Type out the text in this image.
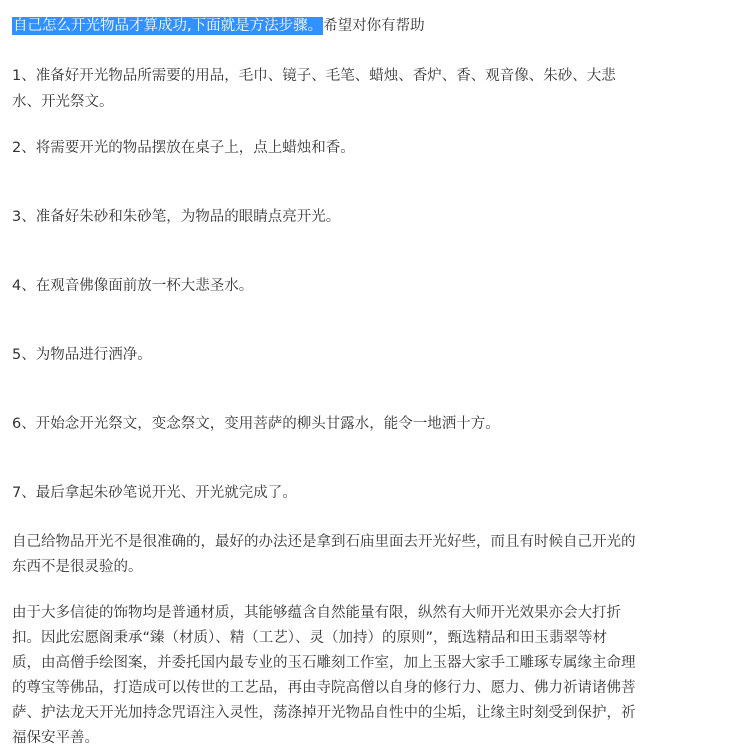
自己怎么开光物品才算成功,下面就是方法步骤。希望对你有帮助
1、准备好开光物品所需要的用品，毛巾、镜子、毛笔、蜡烛、香炉、香、观音像、朱砂、大悲
水、开光祭文。
2、将需要开光的物品摆放在桌子上，点上蜡烛和香。
3、准备好朱砂和朱砂笔，为物品的眼睛点亮开光。
4、在观音佛像面前放一杯大悲圣水。
5、为物品进行洒净。
6、开始念开光祭文，变念祭文，变用菩萨的柳头甘露水，能令一地洒十方。
7、最后拿起朱砂笔说开光、开光就完成了。
自己给物品开光不是很准确的，最好的办法还是拿到石庙里面去开光好些，而且有时候自己开光的
东西不是很灵验的。
由于大多信徒的饰物均是普通材质，其能够蕴含自然能量有限，纵然有大师开光效果亦会大打折
扣。因此宏愿阁秉承“臻（材质）、精（工艺）、灵（加持）的原则”，甄选精品和田玉翡翠等材
质，由高僧手绘图案，并委托国内最专业的玉石雕刻工作室，加上玉器大家手工雕琢专属缘主命理
的尊宝等佛品，打造成可以传世的工艺品，再由寺院高僧以自身的修行力、愿力、佛力祈请诸佛菩
萨、护法龙天开光加持念咒语注入灵性，荡涤掉开光物品自性中的尘垢，让缘主时刻受到保护，祈
福保安平善。
